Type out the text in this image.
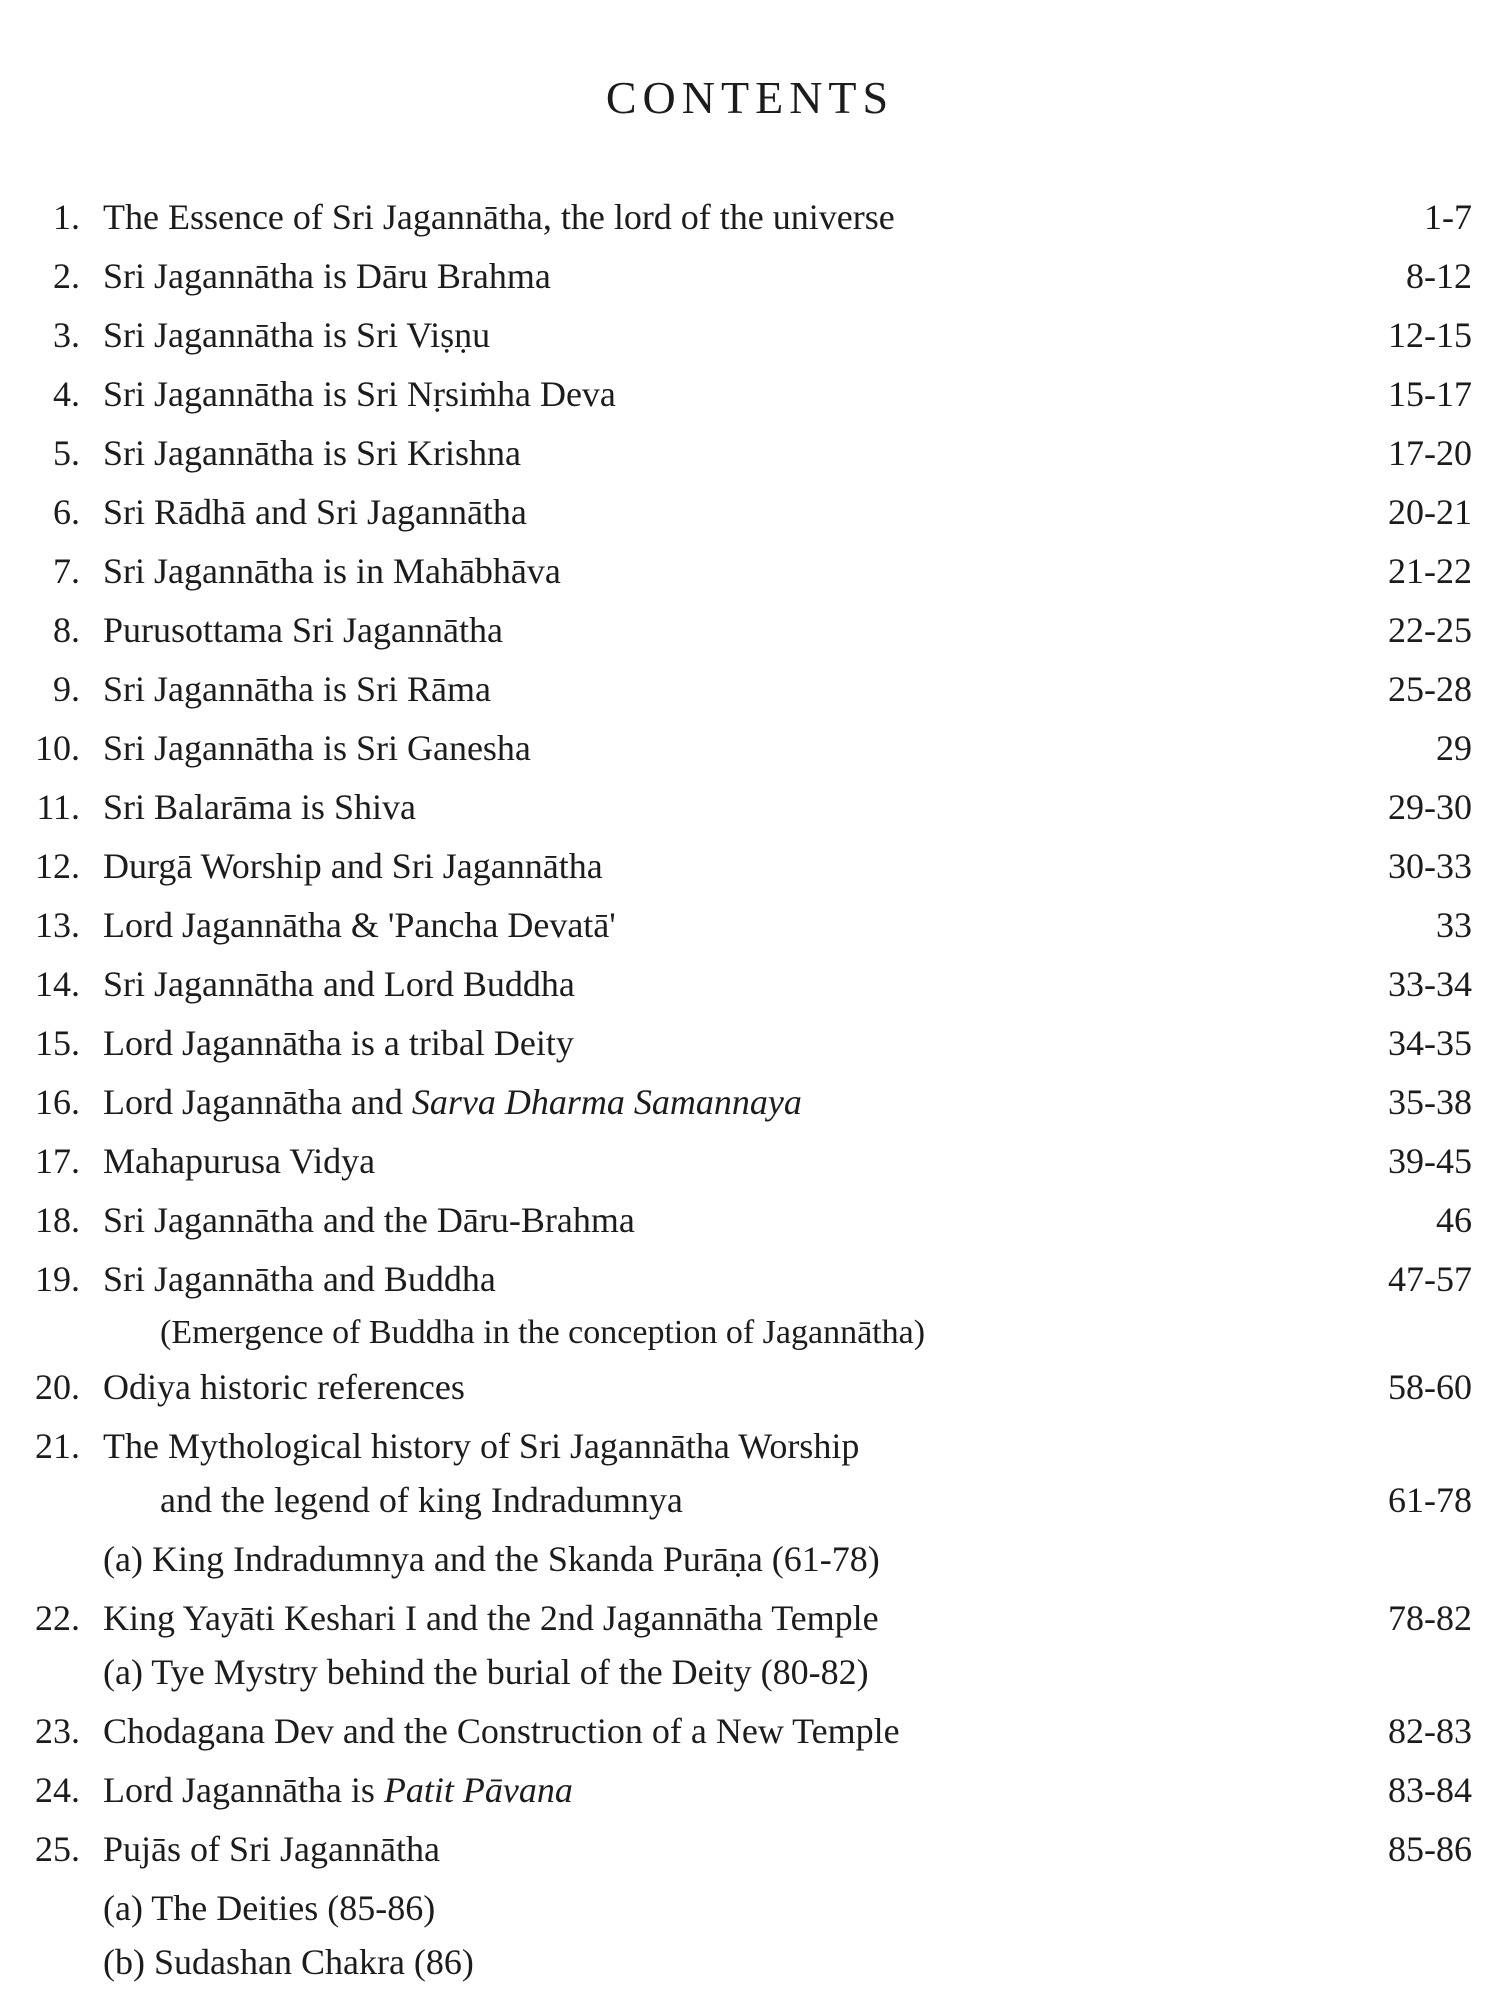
CONTENTS
1. The Essence of Sri Jagannātha, the lord of the universe	1-7
2. Sri Jagannātha is Dāru Brahma	8-12
3. Sri Jagannātha is Sri Viṣṇu	12-15
4. Sri Jagannātha is Sri Nṛsiṁha Deva	15-17
5. Sri Jagannātha is Sri Krishna	17-20
6. Sri Rādhā and Sri Jagannātha	20-21
7. Sri Jagannātha is in Mahābhāva	21-22
8. Purusottama Sri Jagannātha	22-25
9. Sri Jagannātha is Sri Rāma	25-28
10. Sri Jagannātha is Sri Ganesha	29
11. Sri Balarāma is Shiva	29-30
12. Durgā Worship and Sri Jagannātha	30-33
13. Lord Jagannātha & 'Pancha Devatā'	33
14. Sri Jagannātha and Lord Buddha	33-34
15. Lord Jagannātha is a tribal Deity	34-35
16. Lord Jagannātha and Sarva Dharma Samannaya	35-38
17. Mahapurusa Vidya	39-45
18. Sri Jagannātha and the Dāru-Brahma	46
19. Sri Jagannātha and Buddha	47-57
(Emergence of Buddha in the conception of Jagannātha)
20. Odiya historic references	58-60
21. The Mythological history of Sri Jagannātha Worship
and the legend of king Indradumnya	61-78
(a) King Indradumnya and the Skanda Purāṇa (61-78)
22. King Yayāti Keshari I and the 2nd Jagannātha Temple	78-82
(a) Tye Mystry behind the burial of the Deity (80-82)
23. Chodagana Dev and the Construction of a New Temple	82-83
24. Lord Jagannātha is Patit Pāvana	83-84
25. Pujās of Sri Jagannātha	85-86
(a) The Deities (85-86)
(b) Sudashan Chakra (86)
